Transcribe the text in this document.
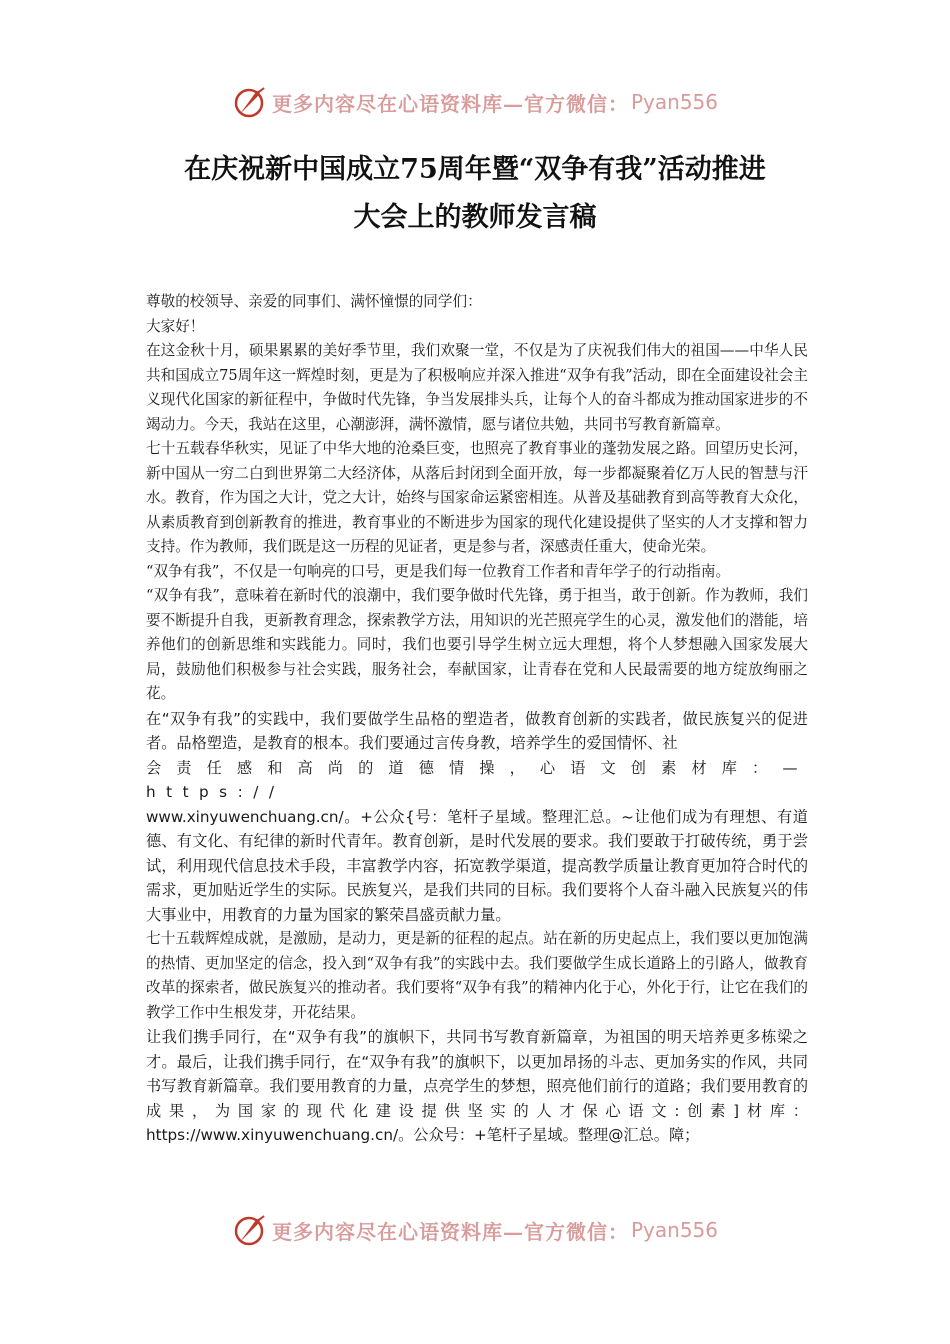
更多内容尽在心语资料库—官方微信： Pyan556
在庆祝新中国成立75周年暨“双争有我”活动推进
大会上的教师发言稿

尊敬的校领导、亲爱的同事们、满怀憧憬的同学们：

大家好！

在这金秋十月，硕果累累的美好季节里，我们欢聚一堂，不仅是为了庆祝我们伟大的祖国——中华人民共和国成立75周年这一辉煌时刻，更是为了积极响应并深入推进“双争有我”活动，即在全面建设社会主义现代化国家的新征程中，争做时代先锋，争当发展排头兵，让每个人的奋斗都成为推动国家进步的不竭动力。今天，我站在这里，心潮澎湃，满怀激情，愿与诸位共勉，共同书写教育新篇章。

七十五载春华秋实，见证了中华大地的沧桑巨变，也照亮了教育事业的蓬勃发展之路。回望历史长河，新中国从一穷二白到世界第二大经济体，从落后封闭到全面开放，每一步都凝聚着亿万人民的智慧与汗水。教育，作为国之大计，党之大计，始终与国家命运紧密相连。从普及基础教育到高等教育大众化，从素质教育到创新教育的推进，教育事业的不断进步为国家的现代化建设提供了坚实的人才支撑和智力支持。作为教师，我们既是这一历程的见证者，更是参与者，深感责任重大，使命光荣。

“双争有我”，不仅是一句响亮的口号，更是我们每一位教育工作者和青年学子的行动指南。

“双争有我”，意味着在新时代的浪潮中，我们要争做时代先锋，勇于担当，敢于创新。作为教师，我们要不断提升自我，更新教育理念，探索教学方法，用知识的光芒照亮学生的心灵，激发他们的潜能，培养他们的创新思维和实践能力。同时，我们也要引导学生树立远大理想，将个人梦想融入国家发展大局，鼓励他们积极参与社会实践，服务社会，奉献国家，让青春在党和人民最需要的地方绽放绚丽之花。

在“双争有我”的实践中，我们要做学生品格的塑造者，做教育创新的实践者，做民族复兴的促进者。品格塑造，是教育的根本。我们要通过言传身教，培养学生的爱国情怀、社

会责任感和高尚的道德情操，心语文创素材库：—https://

www.xinyuwenchuang.cn/。+公众{号：笔杆子星域。整理汇总。~让他们成为有理想、有道德、有文化、有纪律的新时代青年。教育创新，是时代发展的要求。我们要敢于打破传统，勇于尝试，利用现代信息技术手段，丰富教学内容，拓宽教学渠道，提高教学质量让教育更加符合时代的需求，更加贴近学生的实际。民族复兴，是我们共同的目标。我们要将个人奋斗融入民族复兴的伟大事业中，用教育的力量为国家的繁荣昌盛贡献力量。

七十五载辉煌成就，是激励，是动力，更是新的征程的起点。站在新的历史起点上，我们要以更加饱满的热情、更加坚定的信念，投入到“双争有我”的实践中去。我们要做学生成长道路上的引路人，做教育改革的探索者，做民族复兴的推动者。我们要将“双争有我”的精神内化于心，外化于行，让它在我们的教学工作中生根发芽，开花结果。

让我们携手同行，在“双争有我”的旗帜下，共同书写教育新篇章，为祖国的明天培养更多栋梁之才。最后，让我们携手同行，在“双争有我”的旗帜下，以更加昂扬的斗志、更加务实的作风，共同书写教育新篇章。我们要用教育的力量，点亮学生的梦想，照亮他们前行的道路；我们要用教育的成果，为国家的现代化建设提供坚实的人才保心语文:创素]材库：https://www.xinyuwenchuang.cn/。公众号：+笔杆子星域。整理@汇总。障；

更多内容尽在心语资料库—官方微信： Pyan556
